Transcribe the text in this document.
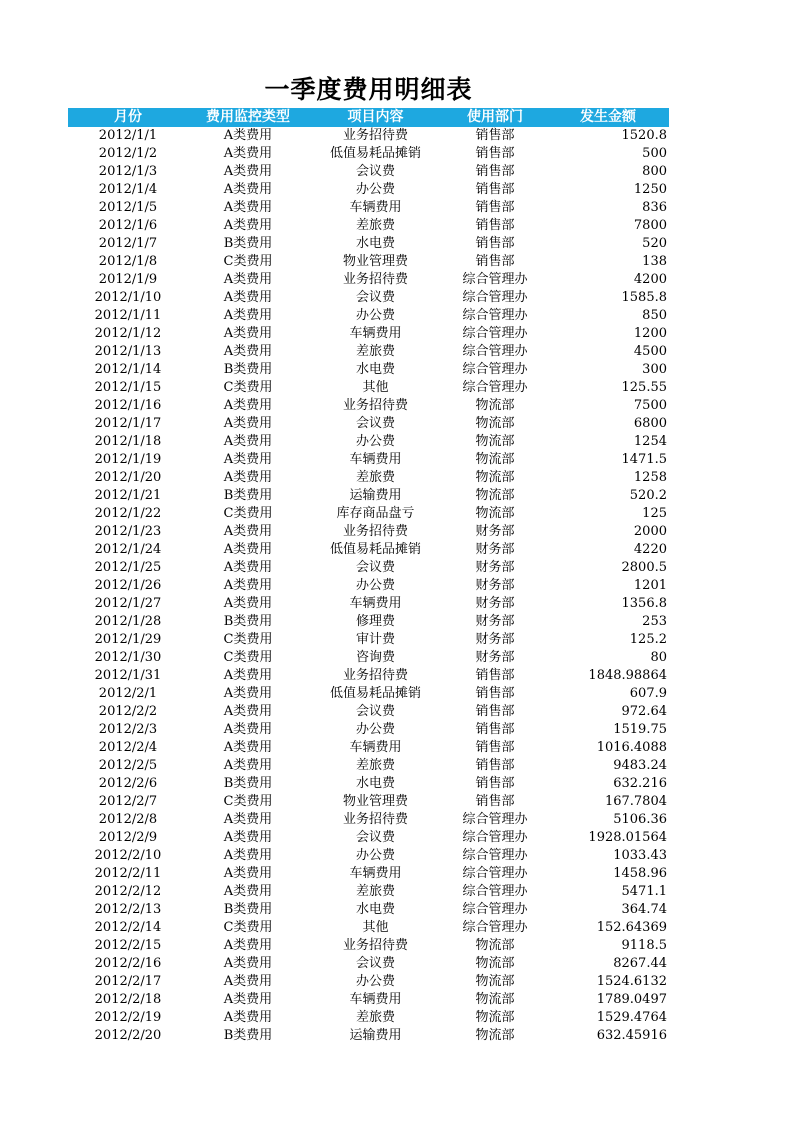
一季度费用明细表
月份	费用监控类型	项目内容	使用部门	发生金额
2012/1/1	A类费用	业务招待费	销售部	1520.8
2012/1/2	A类费用	低值易耗品摊销	销售部	500
2012/1/3	A类费用	会议费	销售部	800
2012/1/4	A类费用	办公费	销售部	1250
2012/1/5	A类费用	车辆费用	销售部	836
2012/1/6	A类费用	差旅费	销售部	7800
2012/1/7	B类费用	水电费	销售部	520
2012/1/8	C类费用	物业管理费	销售部	138
2012/1/9	A类费用	业务招待费	综合管理办	4200
2012/1/10	A类费用	会议费	综合管理办	1585.8
2012/1/11	A类费用	办公费	综合管理办	850
2012/1/12	A类费用	车辆费用	综合管理办	1200
2012/1/13	A类费用	差旅费	综合管理办	4500
2012/1/14	B类费用	水电费	综合管理办	300
2012/1/15	C类费用	其他	综合管理办	125.55
2012/1/16	A类费用	业务招待费	物流部	7500
2012/1/17	A类费用	会议费	物流部	6800
2012/1/18	A类费用	办公费	物流部	1254
2012/1/19	A类费用	车辆费用	物流部	1471.5
2012/1/20	A类费用	差旅费	物流部	1258
2012/1/21	B类费用	运输费用	物流部	520.2
2012/1/22	C类费用	库存商品盘亏	物流部	125
2012/1/23	A类费用	业务招待费	财务部	2000
2012/1/24	A类费用	低值易耗品摊销	财务部	4220
2012/1/25	A类费用	会议费	财务部	2800.5
2012/1/26	A类费用	办公费	财务部	1201
2012/1/27	A类费用	车辆费用	财务部	1356.8
2012/1/28	B类费用	修理费	财务部	253
2012/1/29	C类费用	审计费	财务部	125.2
2012/1/30	C类费用	咨询费	财务部	80
2012/1/31	A类费用	业务招待费	销售部	1848.98864
2012/2/1	A类费用	低值易耗品摊销	销售部	607.9
2012/2/2	A类费用	会议费	销售部	972.64
2012/2/3	A类费用	办公费	销售部	1519.75
2012/2/4	A类费用	车辆费用	销售部	1016.4088
2012/2/5	A类费用	差旅费	销售部	9483.24
2012/2/6	B类费用	水电费	销售部	632.216
2012/2/7	C类费用	物业管理费	销售部	167.7804
2012/2/8	A类费用	业务招待费	综合管理办	5106.36
2012/2/9	A类费用	会议费	综合管理办	1928.01564
2012/2/10	A类费用	办公费	综合管理办	1033.43
2012/2/11	A类费用	车辆费用	综合管理办	1458.96
2012/2/12	A类费用	差旅费	综合管理办	5471.1
2012/2/13	B类费用	水电费	综合管理办	364.74
2012/2/14	C类费用	其他	综合管理办	152.64369
2012/2/15	A类费用	业务招待费	物流部	9118.5
2012/2/16	A类费用	会议费	物流部	8267.44
2012/2/17	A类费用	办公费	物流部	1524.6132
2012/2/18	A类费用	车辆费用	物流部	1789.0497
2012/2/19	A类费用	差旅费	物流部	1529.4764
2012/2/20	B类费用	运输费用	物流部	632.45916
